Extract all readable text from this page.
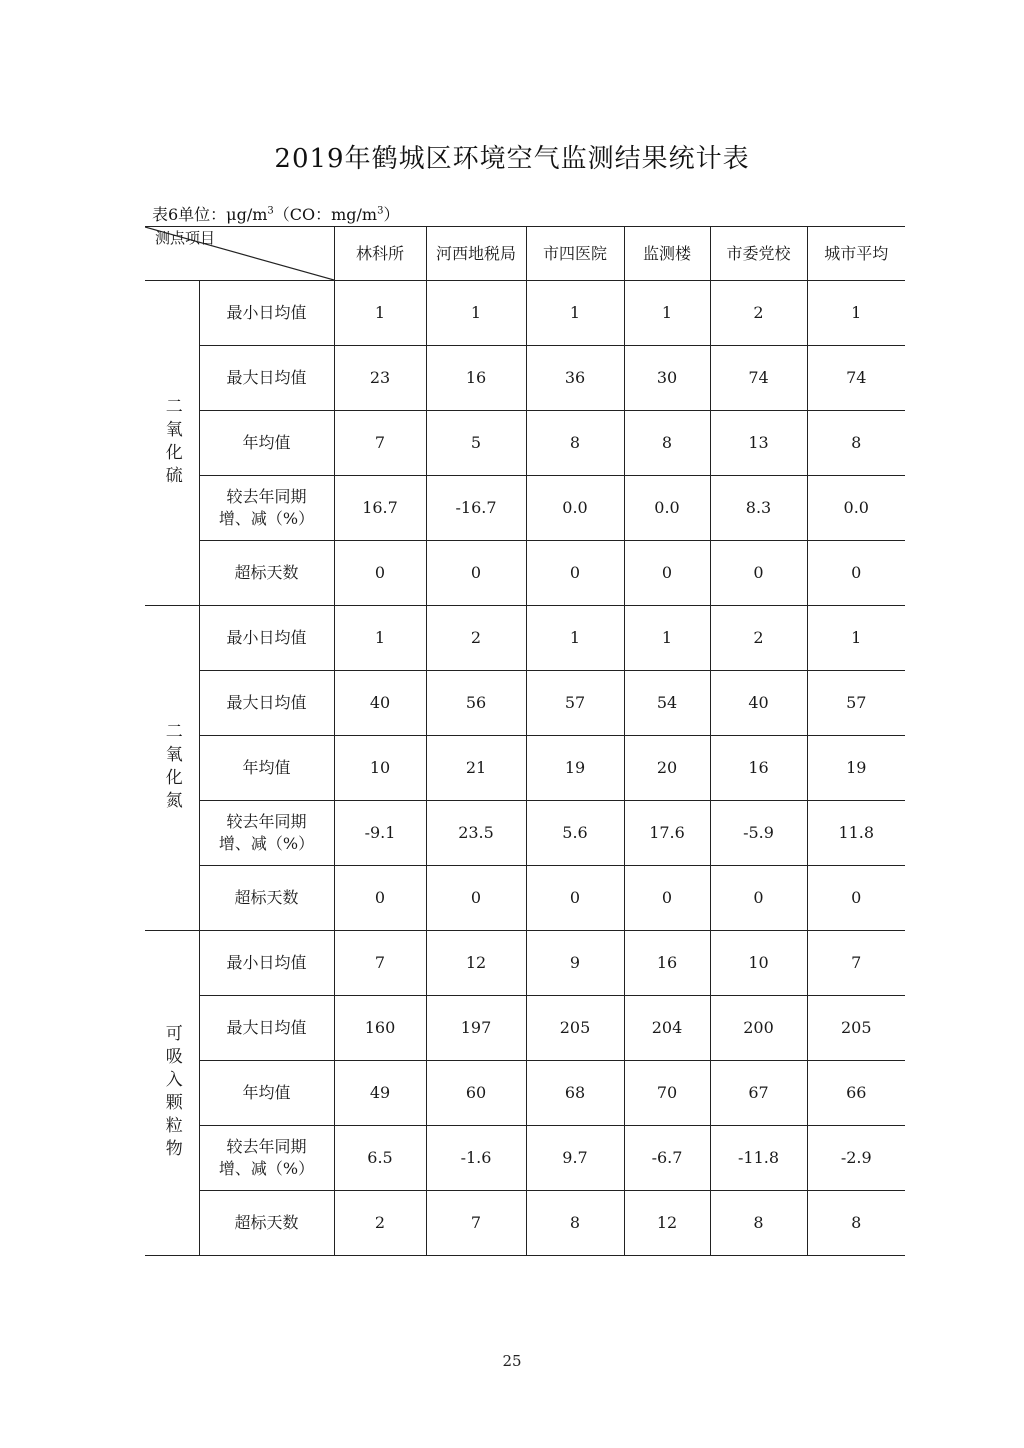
2019年鹤城区环境空气监测结果统计表
表6单位：$\mu g/m^3(CO$：$mg/m^3$）
测点项目		林科所	河西地税局	市四医院	监测楼	市委党校	城市平均

二氧化硫	最小日均值	1	1	1	1	2	1
	最大日均值	23	16	36	30	74	74
	年均值	7	5	8	8	13	8

	较去年同期
增、减（%）	16.7	-16.7	0.0	0.0	8.3	0.0
	超标天数	0	0	0	0	0	0

二氧化氮	最小日均值	1	2	1	1	2	1
	最大日均值	40	56	57	54	40	57
	年均值	10	21	19	20	16	19

	较去年同期
增、减（%）	-9.1	23.5	5.6	17.6	-5.9	11.8
	超标天数	0	0	0	0	0	0

可吸入颗粒物	最小日均值	7	12	9	16	10	7
	最大日均值	160	197	205	204	200	205
	年均值	49	60	68	70	67	66

	较去年同期
增、减（%）	6.5	-1.6	9.7	-6.7	-11.8	-2.9
	超标天数	2	7	8	12	8	8
25
